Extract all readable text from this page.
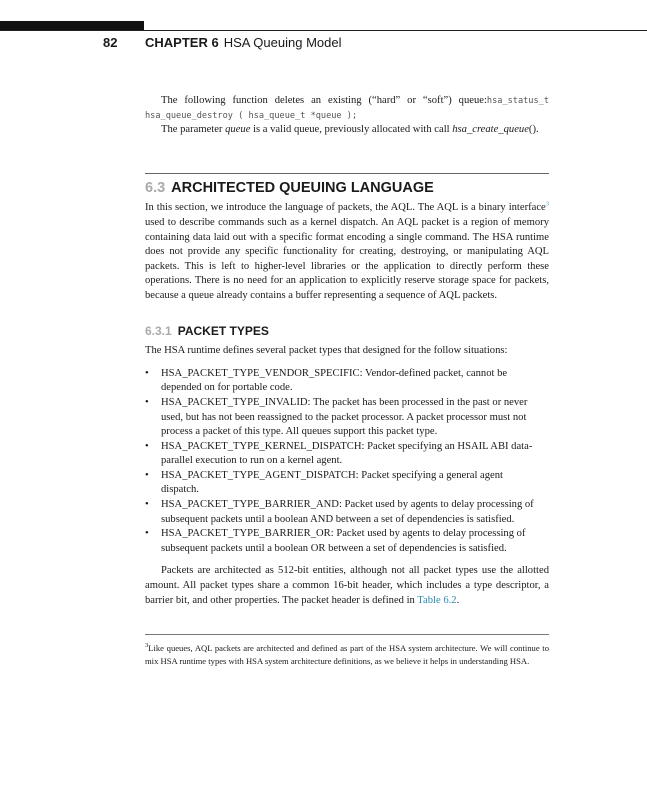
82 CHAPTER 6 HSA Queuing Model

The following function deletes an existing (“hard” or “soft”) queue:hsa_status_t hsa_queue_destroy ( hsa_queue_t *queue );

The parameter queue is a valid queue, previously allocated with call hsa_create_queue().

6.3 ARCHITECTED QUEUING LANGUAGE

In this section, we introduce the language of packets, the AQL. The AQL is a binary interface$^3$ used to describe commands such as a kernel dispatch. An AQL packet is a region of memory containing data laid out with a specific format encoding a single command. The HSA runtime does not provide any specific functionality for creating, destroying, or manipulating AQL packets. This is left to higher-level libraries or the application to directly perform these operations. There is no need for an application to explicitly reserve storage space for packets, because a queue already contains a buffer representing a sequence of AQL packets.

6.3.1 PACKET TYPES

The HSA runtime defines several packet types that designed for the follow situations:

• HSA_PACKET_TYPE_VENDOR_SPECIFIC: Vendor-defined packet, cannot be depended on for portable code.
• HSA_PACKET_TYPE_INVALID: The packet has been processed in the past or never used, but has not been reassigned to the packet processor. A packet processor must not process a packet of this type. All queues support this packet type.
• HSA_PACKET_TYPE_KERNEL_DISPATCH: Packet specifying an HSAIL ABI data-parallel execution to run on a kernel agent.
• HSA_PACKET_TYPE_AGENT_DISPATCH: Packet specifying a general agent dispatch.
• HSA_PACKET_TYPE_BARRIER_AND: Packet used by agents to delay processing of subsequent packets until a boolean AND between a set of dependencies is satisfied.
• HSA_PACKET_TYPE_BARRIER_OR: Packet used by agents to delay processing of subsequent packets until a boolean OR between a set of dependencies is satisfied.

Packets are architected as 512-bit entities, although not all packet types use the allotted amount. All packet types share a common 16-bit header, which includes a type descriptor, a barrier bit, and other properties. The packet header is defined in Table 6.2.

$^3$Like queues, AQL packets are architected and defined as part of the HSA system architecture. We will continue to mix HSA runtime types with HSA system architecture definitions, as we believe it helps in understanding HSA.
